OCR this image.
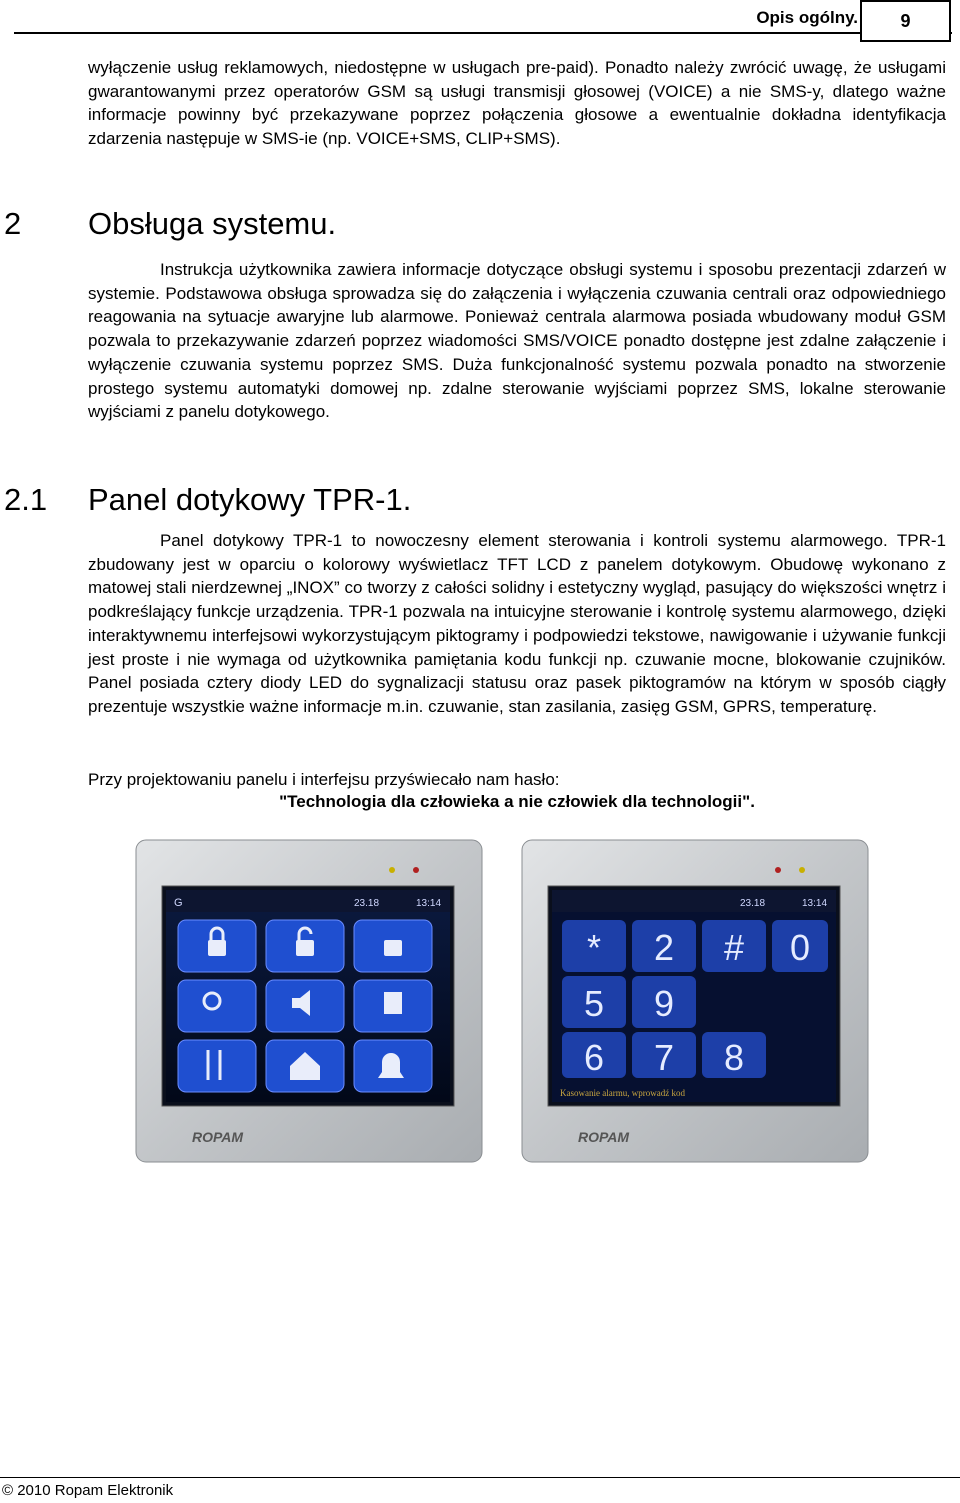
Opis ogólny.	9

wyłączenie usług reklamowych, niedostępne w usługach pre-paid). Ponadto należy zwrócić uwagę, że usługami gwarantowanymi przez operatorów GSM są usługi transmisji głosowej (VOICE) a nie SMS-y, dlatego ważne informacje powinny być przekazywane poprzez połączenia głosowe a ewentualnie dokładna identyfikacja zdarzenia następuje w SMS-ie (np. VOICE+SMS, CLIP+SMS).

2 Obsługa systemu.

Instrukcja użytkownika zawiera informacje dotyczące obsługi systemu i sposobu prezentacji zdarzeń w systemie. Podstawowa obsługa sprowadza się do załączenia i wyłączenia czuwania centrali oraz odpowiedniego reagowania na sytuacje awaryjne lub alarmowe. Ponieważ centrala alarmowa posiada wbudowany moduł GSM pozwala to przekazywanie zdarzeń poprzez wiadomości SMS/VOICE ponadto dostępne jest zdalne załączenie i wyłączenie czuwania systemu poprzez SMS. Duża funkcjonalność systemu pozwala ponadto na stworzenie prostego systemu automatyki domowej np. zdalne sterowanie wyjściami poprzez SMS, lokalne sterowanie wyjściami z panelu dotykowego.

2.1 Panel dotykowy TPR-1.

Panel dotykowy TPR-1 to nowoczesny element sterowania i kontroli systemu alarmowego. TPR-1 zbudowany jest w oparciu o kolorowy wyświetlacz TFT LCD z panelem dotykowym. Obudowę wykonano z matowej stali nierdzewnej „INOX” co tworzy z całości solidny i estetyczny wygląd, pasujący do większości wnętrz i podkreślający funkcje urządzenia. TPR-1 pozwala na intuicyjne sterowanie i kontrolę systemu alarmowego, dzięki interaktywnemu interfejsowi wykorzystującym piktogramy i podpowiedzi tekstowe, nawigowanie i używanie funkcji jest proste i nie wymaga od użytkownika pamiętania kodu funkcji np. czuwanie mocne, blokowanie czujników. Panel posiada cztery diody LED do sygnalizacji statusu oraz pasek piktogramów na którym w sposób ciągły prezentuje wszystkie ważne informacje m.in. czuwanie, stan zasilania, zasięg GSM, GPRS, temperaturę.

Przy projektowaniu panelu i interfejsu przyświecało nam hasło:

"Technologia dla człowieka a nie człowiek dla technologii".
G	23.18	13:14
ROPAM
23.18	13:14
* 2 # 0
5 9
6 7 8
Kasowanie alarmu, wprowadź kod
ROPAM
© 2010 Ropam Elektronik
